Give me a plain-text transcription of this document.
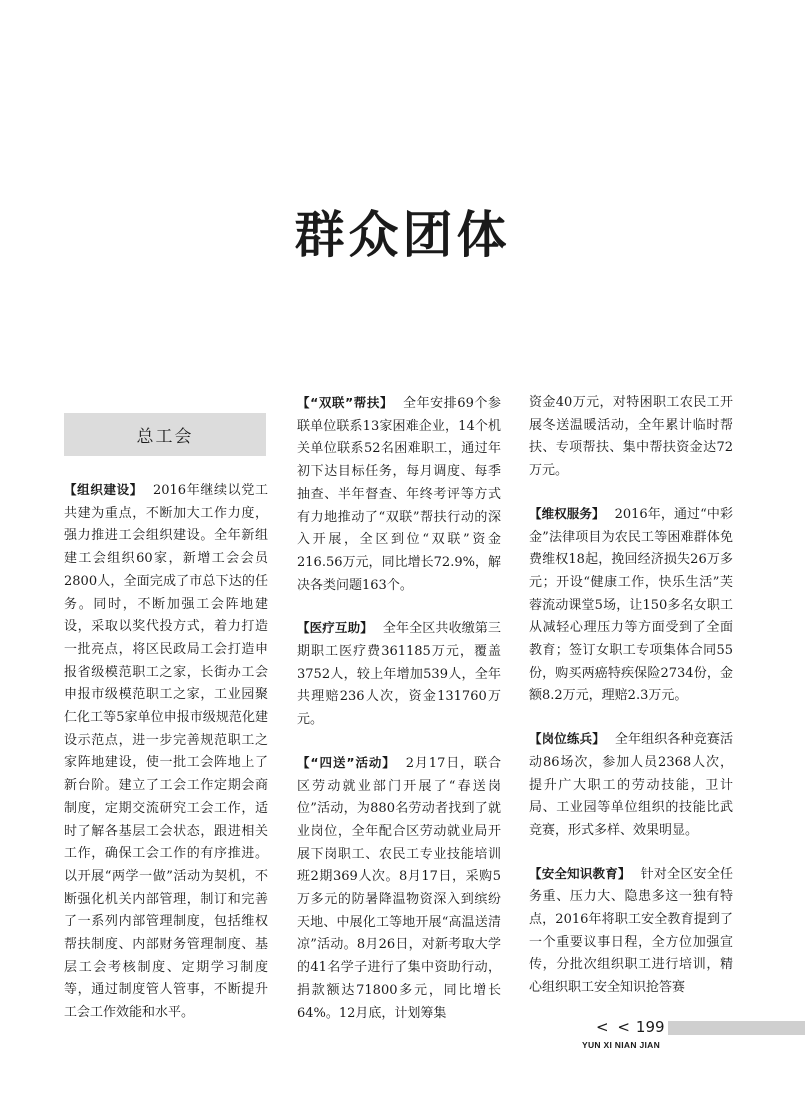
群众团体
总工会

【组织建设】 2016年继续以党工共建为重点，不断加大工作力度，强力推进工会组织建设。全年新组建工会组织60家，新增工会会员2800人，全面完成了市总下达的任务。同时，不断加强工会阵地建设，采取以奖代投方式，着力打造一批亮点，将区民政局工会打造申报省级模范职工之家，长街办工会申报市级模范职工之家，工业园聚仁化工等5家单位申报市级规范化建设示范点，进一步完善规范职工之家阵地建设，使一批工会阵地上了新台阶。建立了工会工作定期会商制度，定期交流研究工会工作，适时了解各基层工会状态，跟进相关工作，确保工会工作的有序推进。以开展“两学一做”活动为契机，不断强化机关内部管理，制订和完善了一系列内部管理制度，包括维权帮扶制度、内部财务管理制度、基层工会考核制度、定期学习制度等，通过制度管人管事，不断提升工会工作效能和水平。

【“双联”帮扶】 全年安排69个参联单位联系13家困难企业，14个机关单位联系52名困难职工，通过年初下达目标任务，每月调度、每季抽查、半年督查、年终考评等方式有力地推动了“双联”帮扶行动的深入开展，全区到位“双联”资金216.56万元，同比增长72.9%，解决各类问题163个。

【医疗互助】 全年全区共收缴第三期职工医疗费361185万元，覆盖3752人，较上年增加539人，全年共理赔236人次，资金131760万元。

【“四送”活动】 2月17日，联合区劳动就业部门开展了“春送岗位”活动，为880名劳动者找到了就业岗位，全年配合区劳动就业局开展下岗职工、农民工专业技能培训班2期369人次。8月17日，采购5万多元的防暑降温物资深入到缤纷天地、中展化工等地开展“高温送清凉”活动。8月26日，对新考取大学的41名学子进行了集中资助行动，捐款额达71800多元，同比增长64%。12月底，计划筹集

资金40万元，对特困职工农民工开展冬送温暖活动，全年累计临时帮扶、专项帮扶、集中帮扶资金达72万元。

【维权服务】 2016年，通过“中彩金”法律项目为农民工等困难群体免费维权18起，挽回经济损失26万多元；开设“健康工作，快乐生活”芙蓉流动课堂5场，让150多名女职工从减轻心理压力等方面受到了全面教育；签订女职工专项集体合同55份，购买两癌特疾保险2734份，金额8.2万元，理赔2.3万元。

【岗位练兵】 全年组织各种竞赛活动86场次，参加人员2368人次，提升广大职工的劳动技能，卫计局、工业园等单位组织的技能比武竞赛，形式多样、效果明显。

【安全知识教育】 针对全区安全任务重、压力大、隐患多这一独有特点，2016年将职工安全教育提到了一个重要议事日程，全方位加强宣传，分批次组织职工进行培训，精心组织职工安全知识抢答赛

< < 199
YUN XI NIAN JIAN
